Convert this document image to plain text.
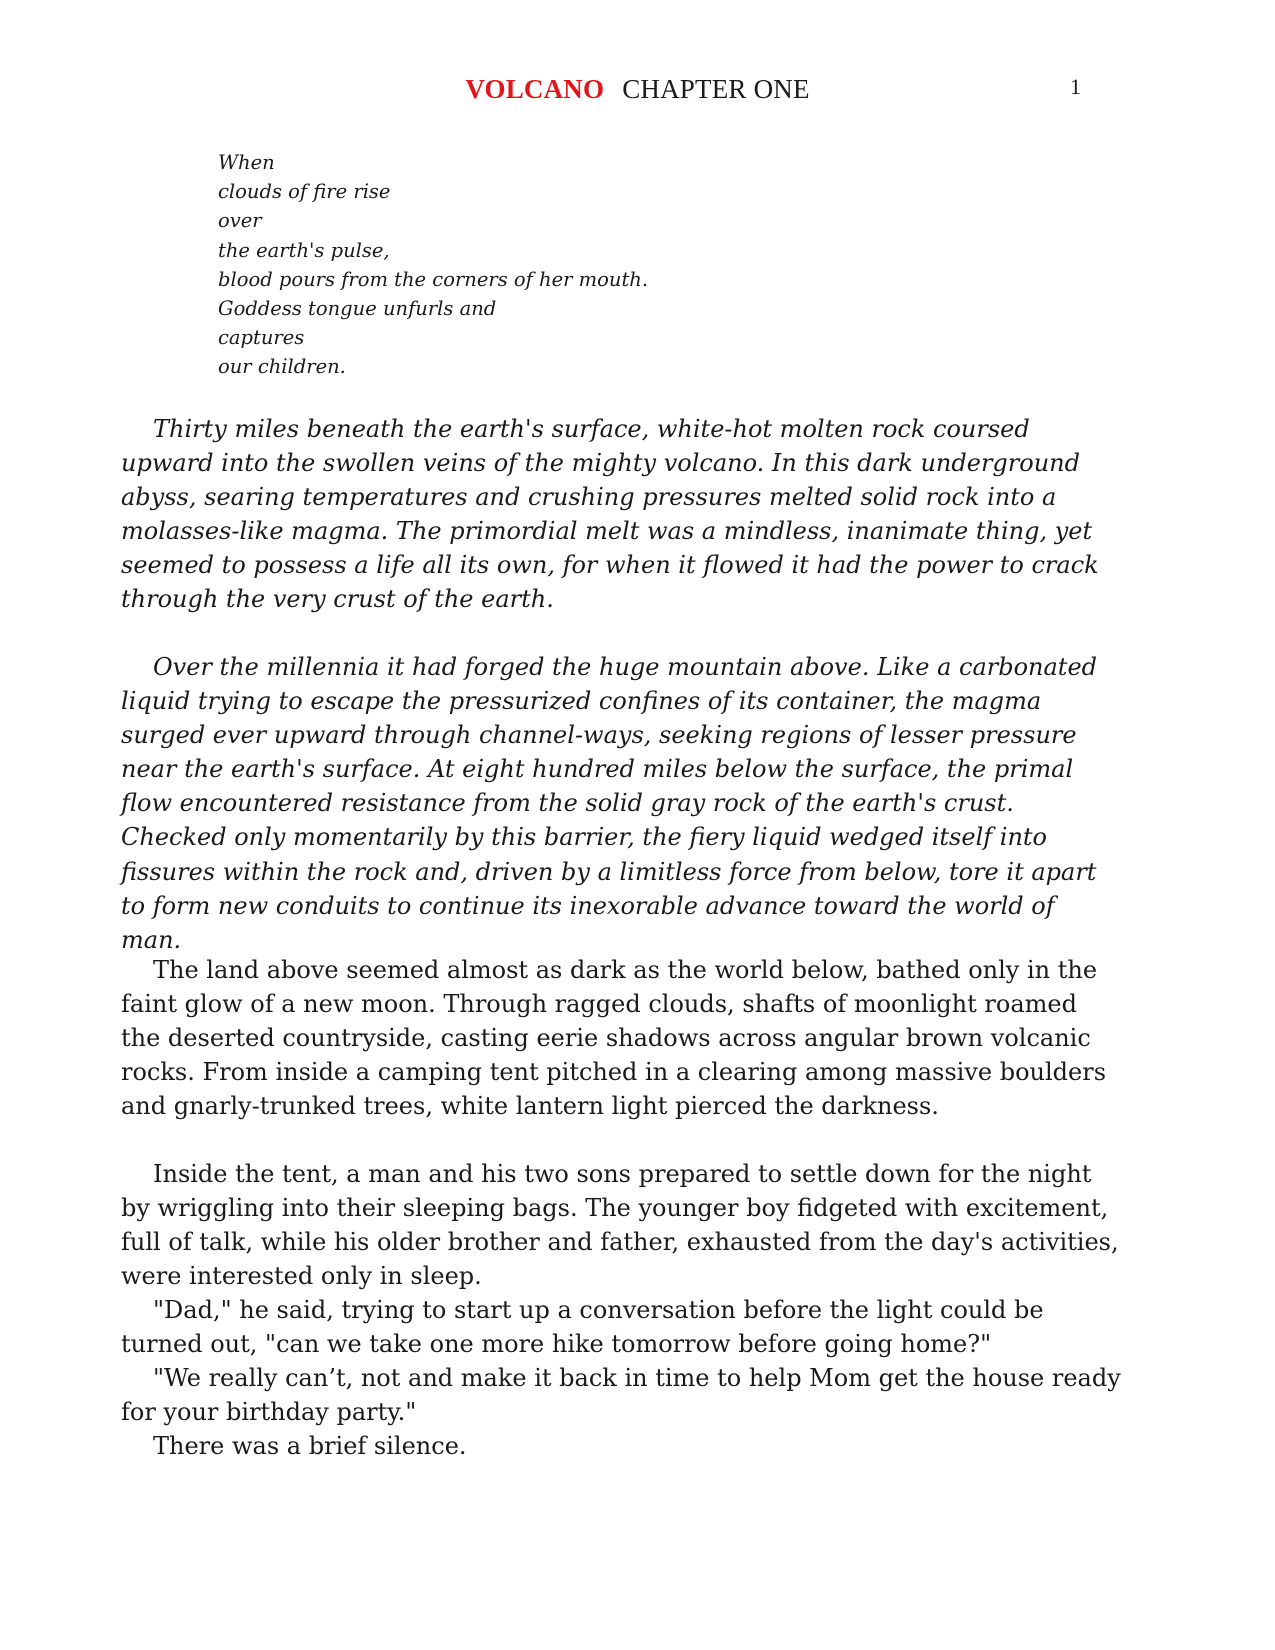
VOLCANO CHAPTER ONE	1
When
clouds of fire rise
over
the earth's pulse,
blood pours from the corners of her mouth.
Goddess tongue unfurls and
captures
our children.

Thirty miles beneath the earth's surface, white-hot molten rock coursed upward into the swollen veins of the mighty volcano. In this dark underground abyss, searing temperatures and crushing pressures melted solid rock into a molasses-like magma. The primordial melt was a mindless, inanimate thing, yet seemed to possess a life all its own, for when it flowed it had the power to crack through the very crust of the earth.

Over the millennia it had forged the huge mountain above. Like a carbonated liquid trying to escape the pressurized confines of its container, the magma surged ever upward through channel-ways, seeking regions of lesser pressure near the earth's surface. At eight hundred miles below the surface, the primal flow encountered resistance from the solid gray rock of the earth's crust. Checked only momentarily by this barrier, the fiery liquid wedged itself into fissures within the rock and, driven by a limitless force from below, tore it apart to form new conduits to continue its inexorable advance toward the world of man.

The land above seemed almost as dark as the world below, bathed only in the faint glow of a new moon. Through ragged clouds, shafts of moonlight roamed the deserted countryside, casting eerie shadows across angular brown volcanic rocks. From inside a camping tent pitched in a clearing among massive boulders and gnarly-trunked trees, white lantern light pierced the darkness.

Inside the tent, a man and his two sons prepared to settle down for the night by wriggling into their sleeping bags. The younger boy fidgeted with excitement, full of talk, while his older brother and father, exhausted from the day's activities, were interested only in sleep.

"Dad," he said, trying to start up a conversation before the light could be turned out, "can we take one more hike tomorrow before going home?"

"We really can’t, not and make it back in time to help Mom get the house ready for your birthday party."

There was a brief silence.
